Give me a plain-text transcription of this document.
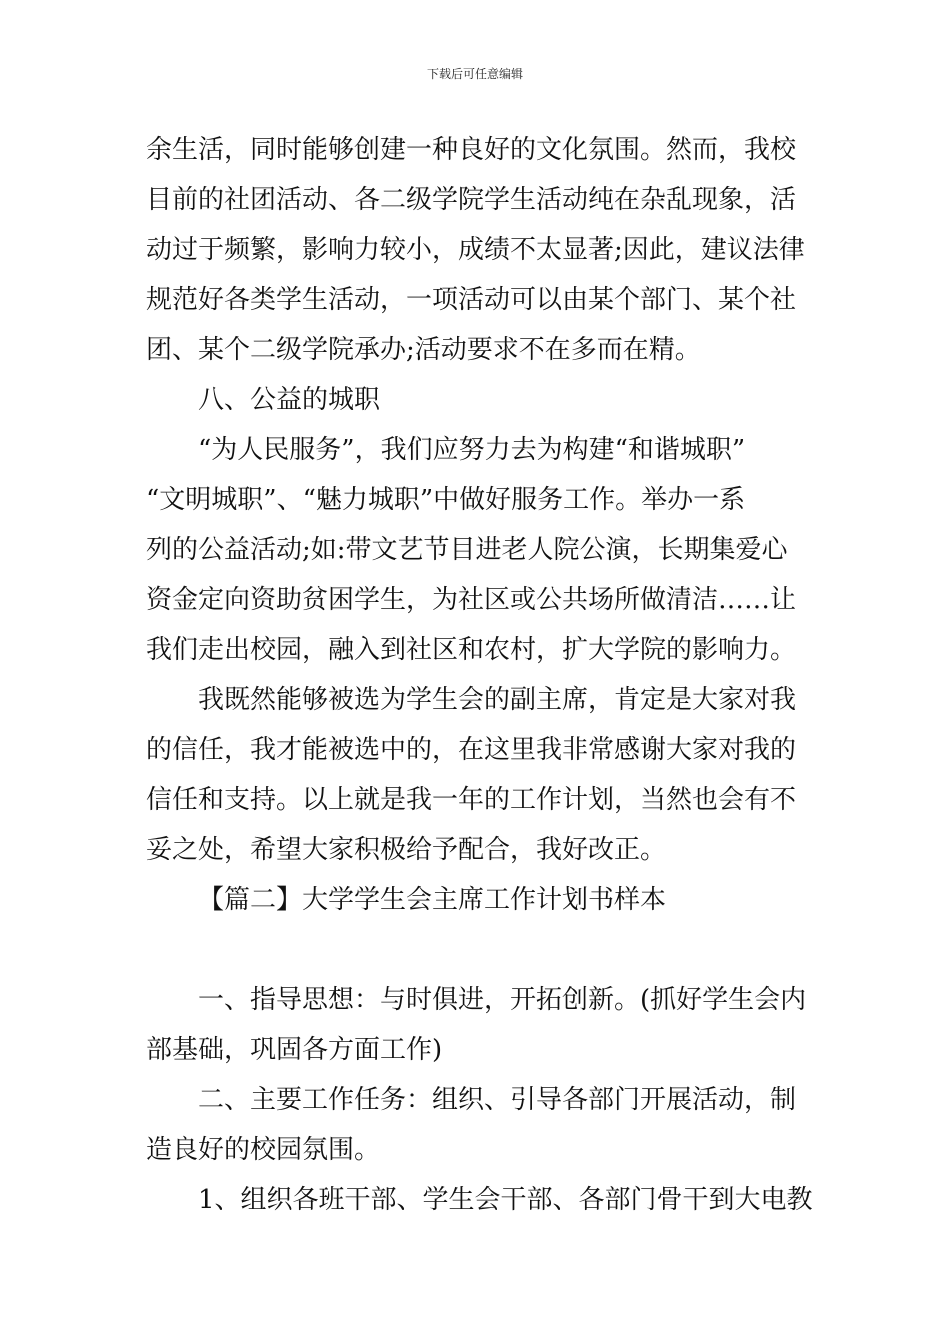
下载后可任意编辑
余生活，同时能够创建一种良好的文化氛围。然而，我校
目前的社团活动、各二级学院学生活动纯在杂乱现象，活
动过于频繁，影响力较小，成绩不太显著;因此，建议法律
规范好各类学生活动，一项活动可以由某个部门、某个社
团、某个二级学院承办;活动要求不在多而在精。
八、公益的城职
“为人民服务”，我们应努力去为构建“和谐城职”
“文明城职”、“魅力城职”中做好服务工作。举办一系
列的公益活动;如:带文艺节目进老人院公演，长期集爱心
资金定向资助贫困学生，为社区或公共场所做清洁……让
我们走出校园，融入到社区和农村，扩大学院的影响力。
我既然能够被选为学生会的副主席，肯定是大家对我
的信任，我才能被选中的，在这里我非常感谢大家对我的
信任和支持。以上就是我一年的工作计划，当然也会有不
妥之处，希望大家积极给予配合，我好改正。
【篇二】大学学生会主席工作计划书样本
一、指导思想：与时俱进，开拓创新。(抓好学生会内
部基础，巩固各方面工作)
二、主要工作任务：组织、引导各部门开展活动，制
造良好的校园氛围。
1、组织各班干部、学生会干部、各部门骨干到大电教
